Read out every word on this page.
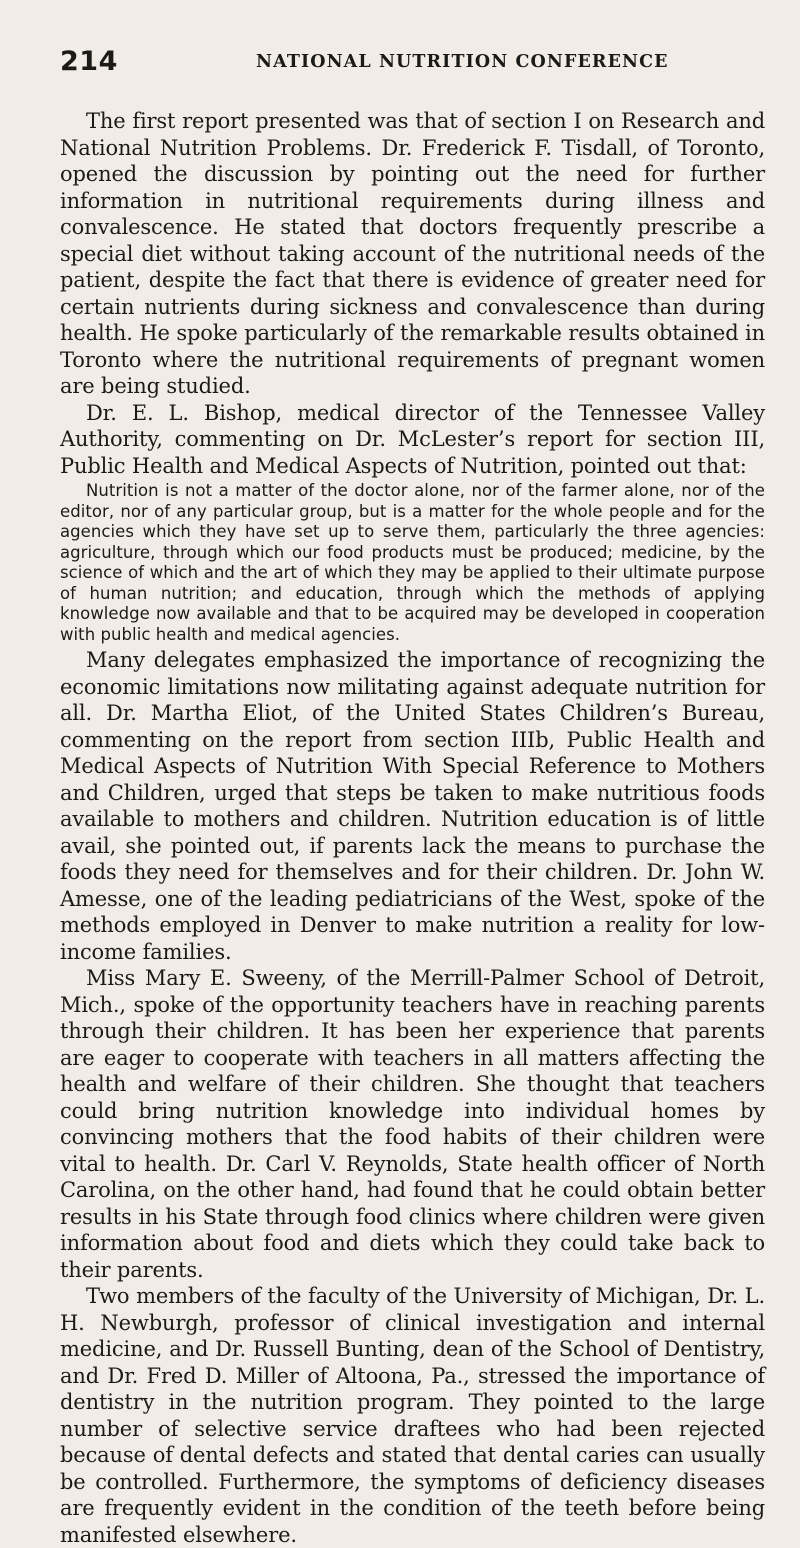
214	NATIONAL NUTRITION CONFERENCE

The first report presented was that of section I on Research and National Nutrition Problems. Dr. Frederick F. Tisdall, of Toronto, opened the discussion by pointing out the need for further information in nutritional requirements during illness and convalescence. He stated that doctors frequently prescribe a special diet without taking account of the nutritional needs of the patient, despite the fact that there is evidence of greater need for certain nutrients during sickness and convalescence than during health. He spoke particularly of the remarkable results obtained in Toronto where the nutritional requirements of pregnant women are being studied.

Dr. E. L. Bishop, medical director of the Tennessee Valley Authority, commenting on Dr. McLester’s report for section III, Public Health and Medical Aspects of Nutrition, pointed out that:

Nutrition is not a matter of the doctor alone, nor of the farmer alone, nor of the editor, nor of any particular group, but is a matter for the whole people and for the agencies which they have set up to serve them, particularly the three agencies: agriculture, through which our food products must be produced; medicine, by the science of which and the art of which they may be applied to their ultimate purpose of human nutrition; and education, through which the methods of applying knowledge now available and that to be acquired may be developed in cooperation with public health and medical agencies.

Many delegates emphasized the importance of recognizing the economic limitations now militating against adequate nutrition for all. Dr. Martha Eliot, of the United States Children’s Bureau, commenting on the report from section IIIb, Public Health and Medical Aspects of Nutrition With Special Reference to Mothers and Children, urged that steps be taken to make nutritious foods available to mothers and children. Nutrition education is of little avail, she pointed out, if parents lack the means to purchase the foods they need for themselves and for their children. Dr. John W. Amesse, one of the leading pediatricians of the West, spoke of the methods employed in Denver to make nutrition a reality for low-income families.

Miss Mary E. Sweeny, of the Merrill-Palmer School of Detroit, Mich., spoke of the opportunity teachers have in reaching parents through their children. It has been her experience that parents are eager to cooperate with teachers in all matters affecting the health and welfare of their children. She thought that teachers could bring nutrition knowledge into individual homes by convincing mothers that the food habits of their children were vital to health. Dr. Carl V. Reynolds, State health officer of North Carolina, on the other hand, had found that he could obtain better results in his State through food clinics where children were given information about food and diets which they could take back to their parents.

Two members of the faculty of the University of Michigan, Dr. L. H. Newburgh, professor of clinical investigation and internal medicine, and Dr. Russell Bunting, dean of the School of Dentistry, and Dr. Fred D. Miller of Altoona, Pa., stressed the importance of dentistry in the nutrition program. They pointed to the large number of selective service draftees who had been rejected because of dental defects and stated that dental caries can usually be controlled. Furthermore, the symptoms of deficiency diseases are frequently evident in the condition of the teeth before being manifested elsewhere.
